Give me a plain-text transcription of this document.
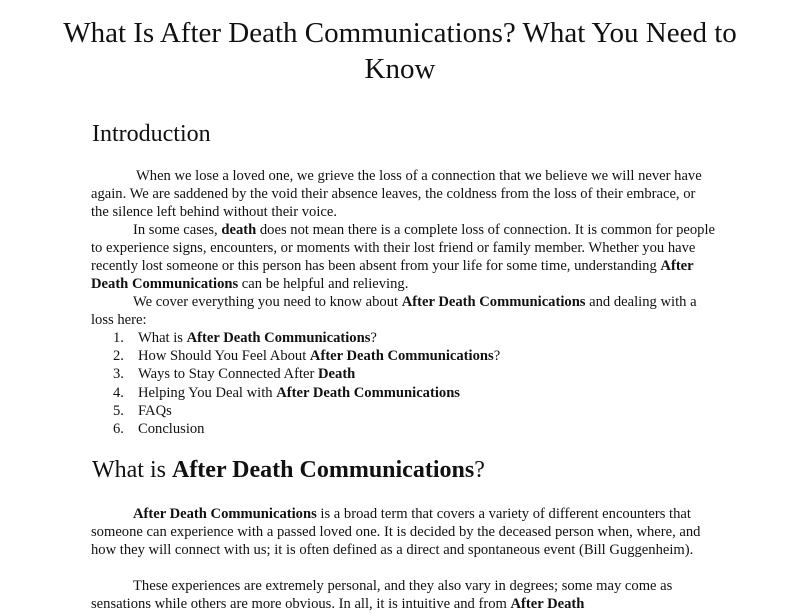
What Is After Death Communications? What You Need to Know
Introduction

When we lose a loved one, we grieve the loss of a connection that we believe we will never have again. We are saddened by the void their absence leaves, the coldness from the loss of their embrace, or the silence left behind without their voice.

In some cases, death does not mean there is a complete loss of connection. It is common for people to experience signs, encounters, or moments with their lost friend or family member. Whether you have recently lost someone or this person has been absent from your life for some time, understanding After Death Communications can be helpful and relieving.

We cover everything you need to know about After Death Communications and dealing with a loss here:

1. What is After Death Communications?
2. How Should You Feel About After Death Communications?
3. Ways to Stay Connected After Death
4. Helping You Deal with After Death Communications
5. FAQs
6. Conclusion
What is After Death Communications?

After Death Communications is a broad term that covers a variety of different encounters that someone can experience with a passed loved one. It is decided by the deceased person when, where, and how they will connect with us; it is often defined as a direct and spontaneous event (Bill Guggenheim).

These experiences are extremely personal, and they also vary in degrees; some may come as sensations while others are more obvious. In all, it is intuitive and from After Death
